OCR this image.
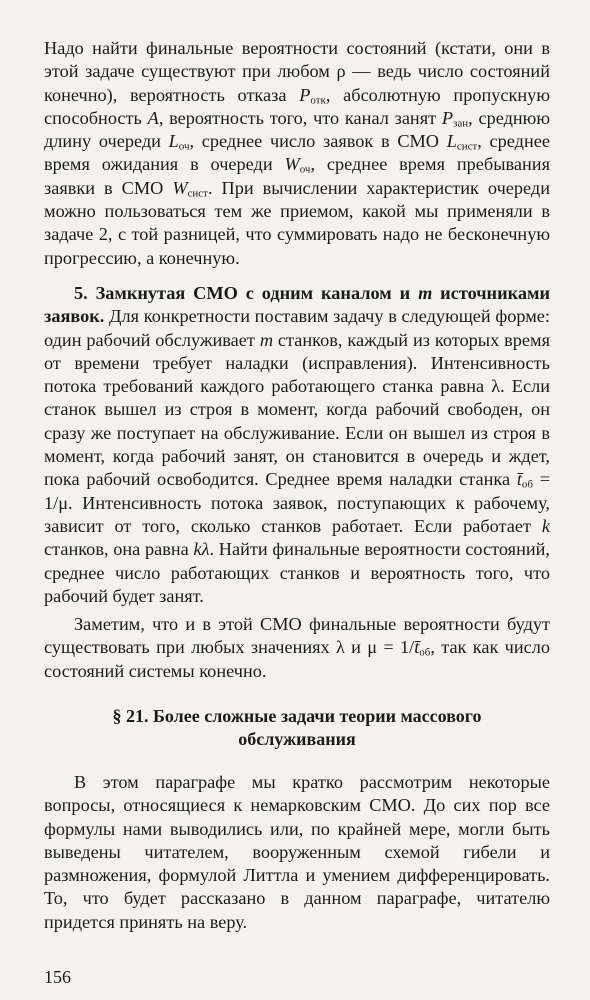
Надо найти финальные вероятности состояний (кстати, они в этой задаче существуют при любом ρ — ведь число состояний конечно), вероятность отказа $P_{отк}$, абсолютную пропускную способность A, вероятность того, что канал занят $P_{зан}$, среднюю длину очереди $L_{оч}$, среднее число заявок в СМО $L_{сист}$, среднее время ожидания в очереди $W_{оч}$, среднее время пребывания заявки в СМО $W_{сист}$. При вычислении характеристик очереди можно пользоваться тем же приемом, какой мы применяли в задаче 2, с той разницей, что суммировать надо не бесконечную прогрессию, а конечную.

5. Замкнутая СМО с одним каналом и m источниками заявок. Для конкретности поставим задачу в следующей форме: один рабочий обслуживает m станков, каждый из которых время от времени требует наладки (исправления). Интенсивность потока требований каждого работающего станка равна λ. Если станок вышел из строя в момент, когда рабочий свободен, он сразу же поступает на обслуживание. Если он вышел из строя в момент, когда рабочий занят, он становится в очередь и ждет, пока рабочий освободится. Среднее время наладки станка $t̄_{об} = 1/\mu$. Интенсивность потока заявок, поступающих к рабочему, зависит от того, сколько станков работает. Если работает k станков, она равна kλ. Найти финальные вероятности состояний, среднее число работающих станков и вероятность того, что рабочий будет занят.

Заметим, что и в этой СМО финальные вероятности будут существовать при любых значениях λ и $\mu = 1/t̄_{об}$, так как число состояний системы конечно.

§ 21. Более сложные задачи теории массового
обслуживания

В этом параграфе мы кратко рассмотрим некоторые вопросы, относящиеся к немарковским СМО. До сих пор все формулы нами выводились или, по крайней мере, могли быть выведены читателем, вооруженным схемой гибели и размножения, формулой Литтла и умением дифференцировать. То, что будет рассказано в данном параграфе, читателю придется принять на веру.

156
